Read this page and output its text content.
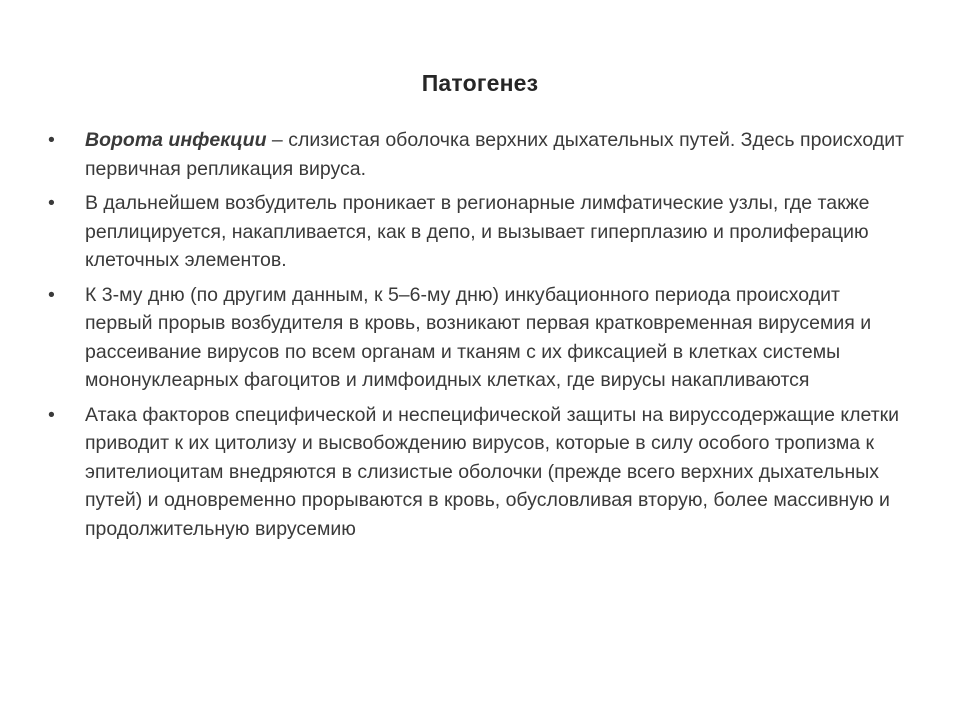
Патогенез
• Ворота инфекции – слизистая оболочка верхних дыхательных путей. Здесь происходит первичная репликация вируса.
• В дальнейшем возбудитель проникает в регионарные лимфатические узлы, где также реплицируется, накапливается, как в депо, и вызывает гиперплазию и пролиферацию клеточных элементов.
• К 3-му дню (по другим данным, к 5–6-му дню) инкубационного периода происходит первый прорыв возбудителя в кровь, возникают первая кратковременная вирусемия и рассеивание вирусов по всем органам и тканям с их фиксацией в клетках системы мононуклеарных фагоцитов и лимфоидных клетках, где вирусы накапливаются
• Атака факторов специфической и неспецифической защиты на вируссодержащие клетки приводит к их цитолизу и высвобождению вирусов, которые в силу особого тропизма к эпителиоцитам внедряются в слизистые оболочки (прежде всего верхних дыхательных путей) и одновременно прорываются в кровь, обусловливая вторую, более массивную и продолжительную вирусемию
